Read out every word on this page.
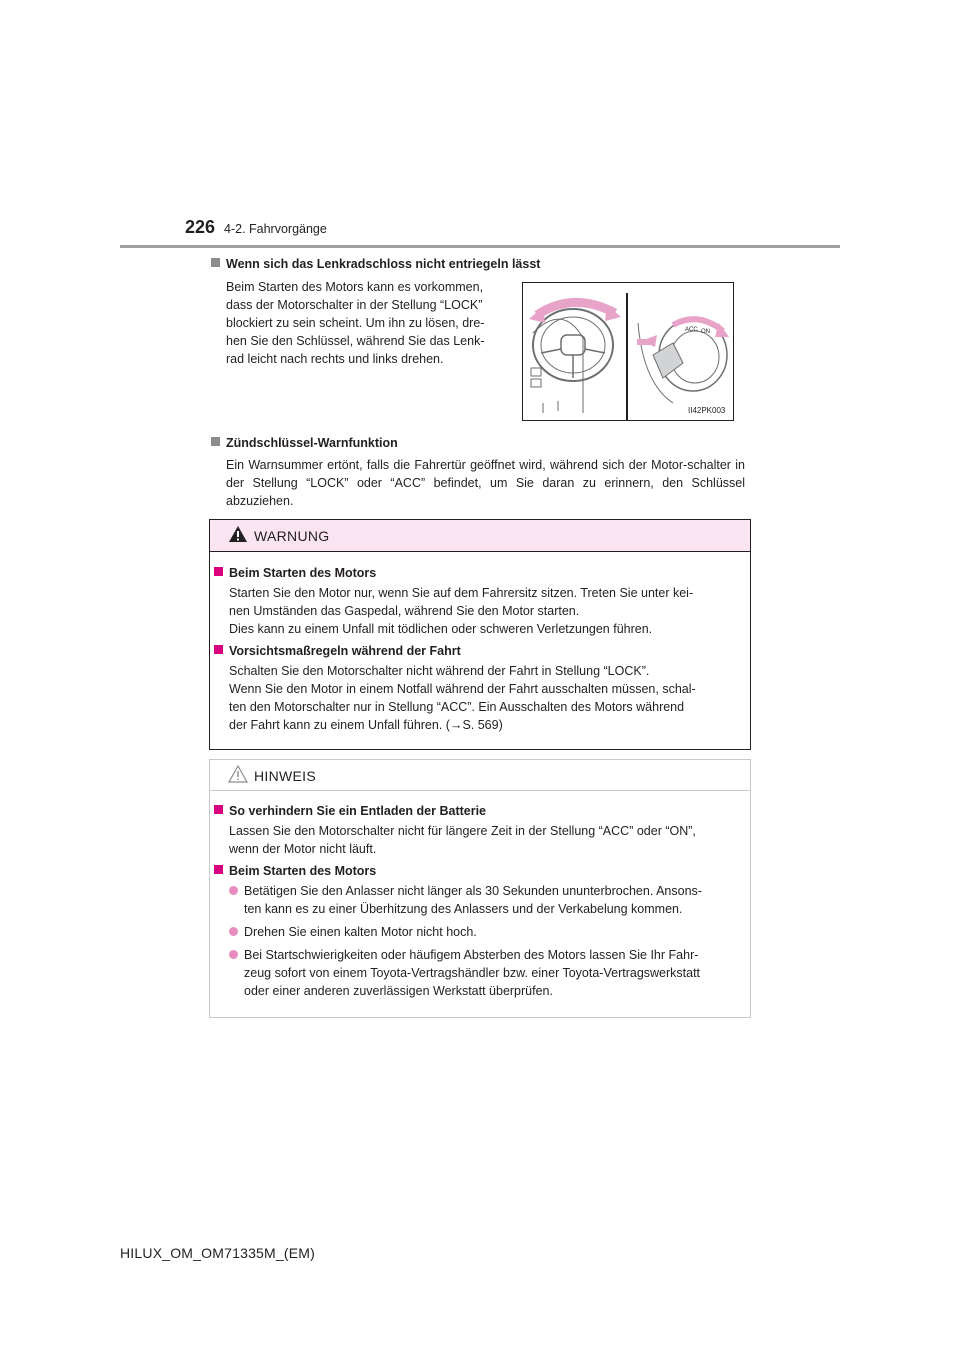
226 4-2. Fahrvorgänge
Wenn sich das Lenkradschloss nicht entriegeln lässt
Beim Starten des Motors kann es vorkommen,
dass der Motorschalter in der Stellung “LOCK”
blockiert zu sein scheint. Um ihn zu lösen, dre-
hen Sie den Schlüssel, während Sie das Lenk-
rad leicht nach rechts und links drehen.
ACC ON
II42PK003
Zündschlüssel-Warnfunktion
Ein Warnsummer ertönt, falls die Fahrertür geöffnet wird, während sich der Motor-schalter in der Stellung “LOCK” oder “ACC” befindet, um Sie daran zu erinnern, den Schlüssel abzuziehen.
WARNUNG
Beim Starten des Motors
Starten Sie den Motor nur, wenn Sie auf dem Fahrersitz sitzen. Treten Sie unter kei-
nen Umständen das Gaspedal, während Sie den Motor starten.
Dies kann zu einem Unfall mit tödlichen oder schweren Verletzungen führen.
Vorsichtsmaßregeln während der Fahrt
Schalten Sie den Motorschalter nicht während der Fahrt in Stellung “LOCK”.
Wenn Sie den Motor in einem Notfall während der Fahrt ausschalten müssen, schal-
ten den Motorschalter nur in Stellung “ACC”. Ein Ausschalten des Motors während
der Fahrt kann zu einem Unfall führen. (→S. 569)
HINWEIS
So verhindern Sie ein Entladen der Batterie
Lassen Sie den Motorschalter nicht für längere Zeit in der Stellung “ACC” oder “ON”,
wenn der Motor nicht läuft.
Beim Starten des Motors
Betätigen Sie den Anlasser nicht länger als 30 Sekunden ununterbrochen. Ansons-
ten kann es zu einer Überhitzung des Anlassers und der Verkabelung kommen.
Drehen Sie einen kalten Motor nicht hoch.
Bei Startschwierigkeiten oder häufigem Absterben des Motors lassen Sie Ihr Fahr-
zeug sofort von einem Toyota-Vertragshändler bzw. einer Toyota-Vertragswerkstatt
oder einer anderen zuverlässigen Werkstatt überprüfen.
HILUX_OM_OM71335M_(EM)
